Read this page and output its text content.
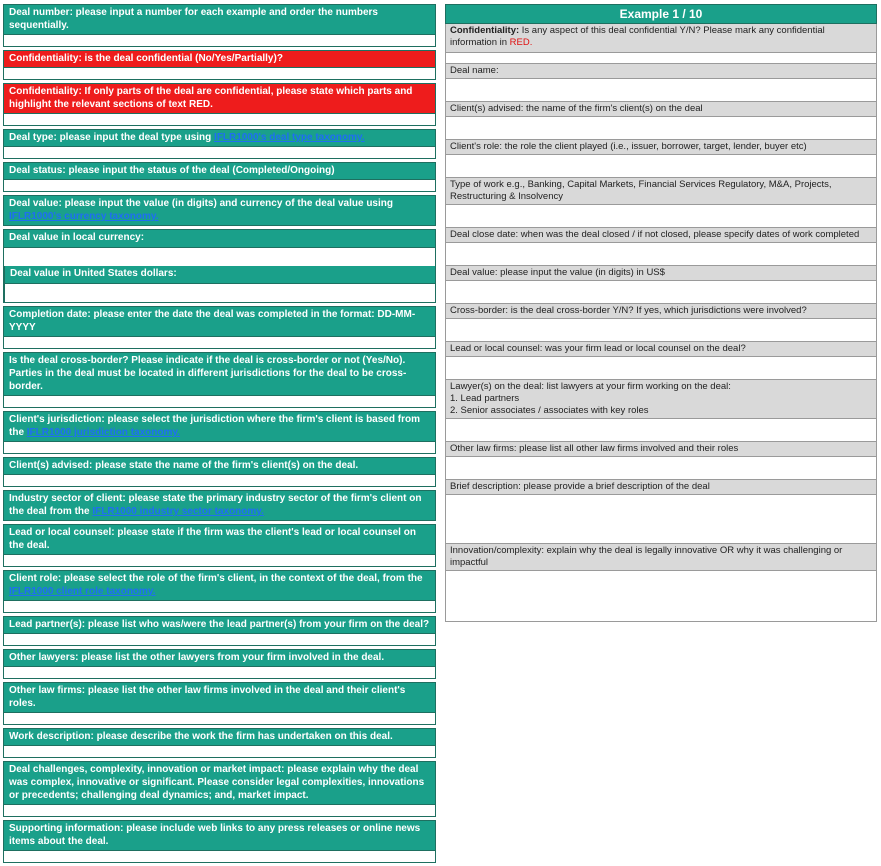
Deal number: please input a number for each example and order the numbers sequentially.
Confidentiality: is the deal confidential (No/Yes/Partially)?
Confidentiality: If only parts of the deal are confidential, please state which parts and highlight the relevant sections of text RED.
Deal type: please input the deal type using IFLR1000's deal type taxonomy.
Deal status: please input the status of the deal (Completed/Ongoing)
Deal value: please input the value (in digits) and currency of the deal value using IFLR1000's currency taxonomy.
Deal value in local currency:
Deal value in United States dollars:
Completion date: please enter the date the deal was completed in the format: DD-MM-YYYY
Is the deal cross-border? Please indicate if the deal is cross-border or not (Yes/No). Parties in the deal must be located in different jurisdictions for the deal to be cross-border.
Client's jurisdiction: please select the jurisdiction where the firm's client is based from the IFLR1000 jurisdiction taxonomy.
Client(s) advised: please state the name of the firm's client(s) on the deal.
Industry sector of client: please state the primary industry sector of the firm's client on the deal from the IFLR1000 industry sector taxonomy.
Lead or local counsel: please state if the firm was the client's lead or local counsel on the deal.
Client role: please select the role of the firm's client, in the context of the deal, from the IFLR1000 client role taxonomy.
Lead partner(s): please list who was/were the lead partner(s) from your firm on the deal?
Other lawyers: please list the other lawyers from your firm involved in the deal.
Other law firms: please list the other law firms involved in the deal and their client's roles.
Work description: please describe the work the firm has undertaken on this deal.
Deal challenges, complexity, innovation or market impact: please explain why the deal was complex, innovative or significant. Please consider legal complexities, innovations or precedents; challenging deal dynamics; and, market impact.
Supporting information: please include web links to any press releases or online news items about the deal.
Example 1 / 10
Confidentiality: Is any aspect of this deal confidential Y/N? Please mark any confidential information in RED.
Deal name:
Client(s) advised: the name of the firm's client(s) on the deal
Client's role: the role the client played (i.e., issuer, borrower, target, lender, buyer etc)
Type of work e.g., Banking, Capital Markets, Financial Services Regulatory, M&A, Projects, Restructuring & Insolvency
Deal close date: when was the deal closed / if not closed, please specify dates of work completed
Deal value: please input the value (in digits) in US$
Cross-border: is the deal cross-border Y/N? If yes, which jurisdictions were involved?
Lead or local counsel: was your firm lead or local counsel on the deal?
Lawyer(s) on the deal: list lawyers at your firm working on the deal:
1. Lead partners
2. Senior associates / associates with key roles
Other law firms: please list all other law firms involved and their roles
Brief description: please provide a brief description of the deal
Innovation/complexity: explain why the deal is legally innovative OR why it was challenging or impactful
